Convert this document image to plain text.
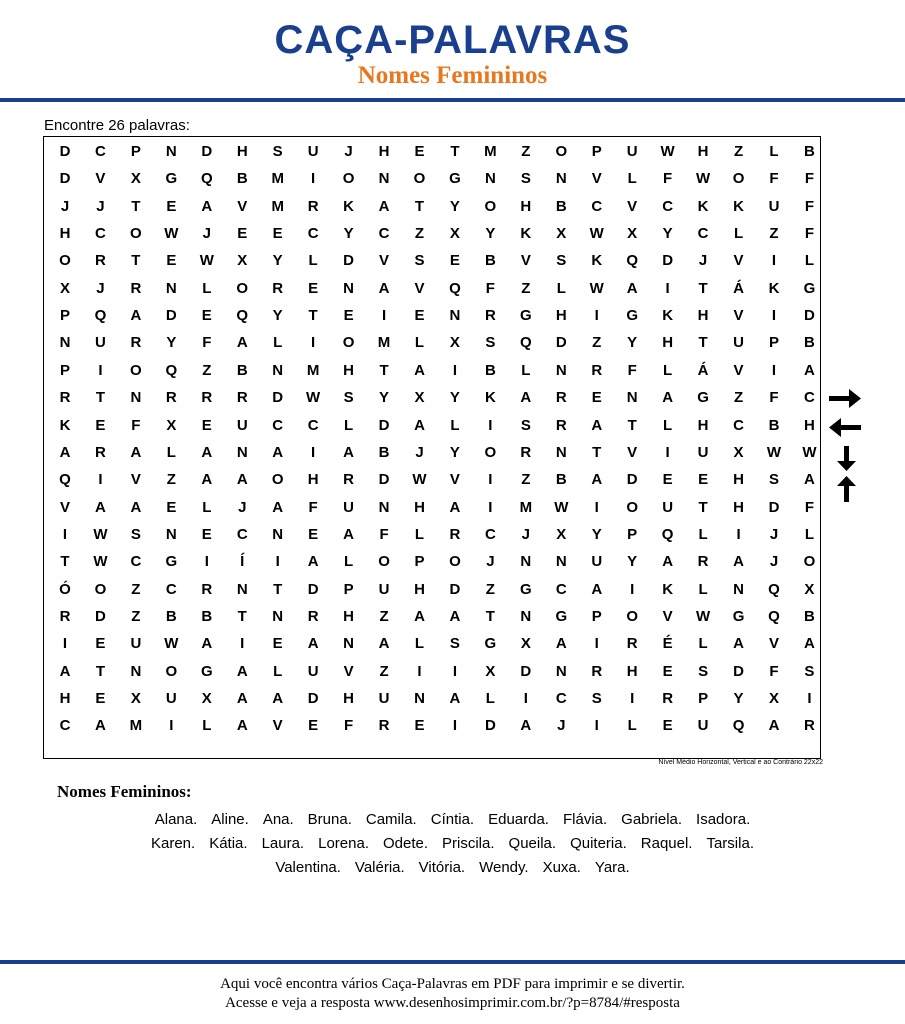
CAÇA-PALAVRAS
Nomes Femininos
Encontre 26 palavras:
D	C	P	N	D	H	S	U	J	H	E	T	M	Z	O	P	U	W	H	Z	L	B
D	V	X	G	Q	B	M	I	O	N	O	G	N	S	N	V	L	F	W	O	F	F
J	J	T	E	A	V	M	R	K	A	T	Y	O	H	B	C	V	C	K	K	U	F
H	C	O	W	J	E	E	C	Y	C	Z	X	Y	K	X	W	X	Y	C	L	Z	F
O	R	T	E	W	X	Y	L	D	V	S	E	B	V	S	K	Q	D	J	V	I	L
X	J	R	N	L	O	R	E	N	A	V	Q	F	Z	L	W	A	I	T	Á	K	G
P	Q	A	D	E	Q	Y	T	E	I	E	N	R	G	H	I	G	K	H	V	I	D
N	U	R	Y	F	A	L	I	O	M	L	X	S	Q	D	Z	Y	H	T	U	P	B
P	I	O	Q	Z	B	N	M	H	T	A	I	B	L	N	R	F	L	Á	V	I	A
R	T	N	R	R	R	D	W	S	Y	X	Y	K	A	R	E	N	A	G	Z	F	C
K	E	F	X	E	U	C	C	L	D	A	L	I	S	R	A	T	L	H	C	B	H
A	R	A	L	A	N	A	I	A	B	J	Y	O	R	N	T	V	I	U	X	W	W
Q	I	V	Z	A	A	O	H	R	D	W	V	I	Z	B	A	D	E	E	H	S	A
V	A	A	E	L	J	A	F	U	N	H	A	I	M	W	I	O	U	T	H	D	F
I	W	S	N	E	C	N	E	A	F	L	R	C	J	X	Y	P	Q	L	I	J	L
T	W	C	G	I	Í	I	A	L	O	P	O	J	N	N	U	Y	A	R	A	J	O
Ó	O	Z	C	R	N	T	D	P	U	H	D	Z	G	C	A	I	K	L	N	Q	X
R	D	Z	B	B	T	N	R	H	Z	A	A	T	N	G	P	O	V	W	G	Q	B
I	E	U	W	A	I	E	A	N	A	L	S	G	X	A	I	R	É	L	A	V	A
A	T	N	O	G	A	L	U	V	Z	I	I	X	D	N	R	H	E	S	D	F	S
H	E	X	U	X	A	A	D	H	U	N	A	L	I	C	S	I	R	P	Y	X	I
C	A	M	I	L	A	V	E	F	R	E	I	D	A	J	I	L	E	U	Q	A	R
Nível Médio Horizontal, Vertical e ao Contrário 22x22
Nomes Femininos:
Alana. Aline. Ana. Bruna. Camila. Cíntia. Eduarda. Flávia. Gabriela. Isadora.
Karen. Kátia. Laura. Lorena. Odete. Priscila. Queila. Quiteria. Raquel. Tarsila.
Valentina. Valéria. Vitória. Wendy. Xuxa. Yara.
Aqui você encontra vários Caça-Palavras em PDF para imprimir e se divertir.
Acesse e veja a resposta www.desenhosimprimir.com.br/?p=8784/#resposta
